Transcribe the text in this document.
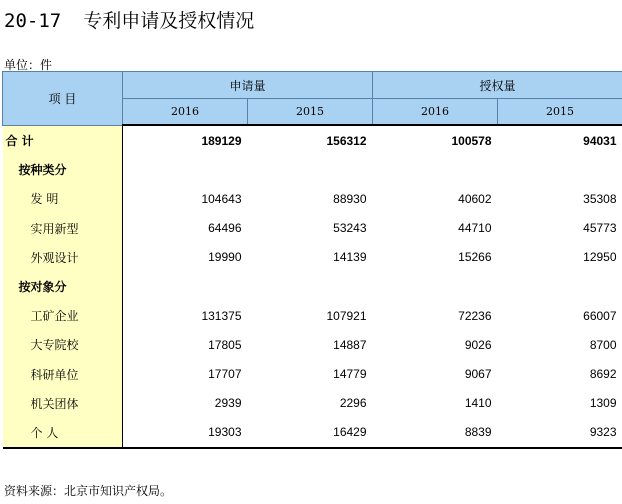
20-17 专利申请及授权情况
单位：件
项 目	申请量		授权量	
	2016	2015	2016	2015
合 计	189129	156312	100578	94031
按种类分				
发 明	104643	88930	40602	35308
实用新型	64496	53243	44710	45773
外观设计	19990	14139	15266	12950
按对象分				
工矿企业	131375	107921	72236	66007
大专院校	17805	14887	9026	8700
科研单位	17707	14779	9067	8692
机关团体	2939	2296	1410	1309
个 人	19303	16429	8839	9323
资料来源：北京市知识产权局。
